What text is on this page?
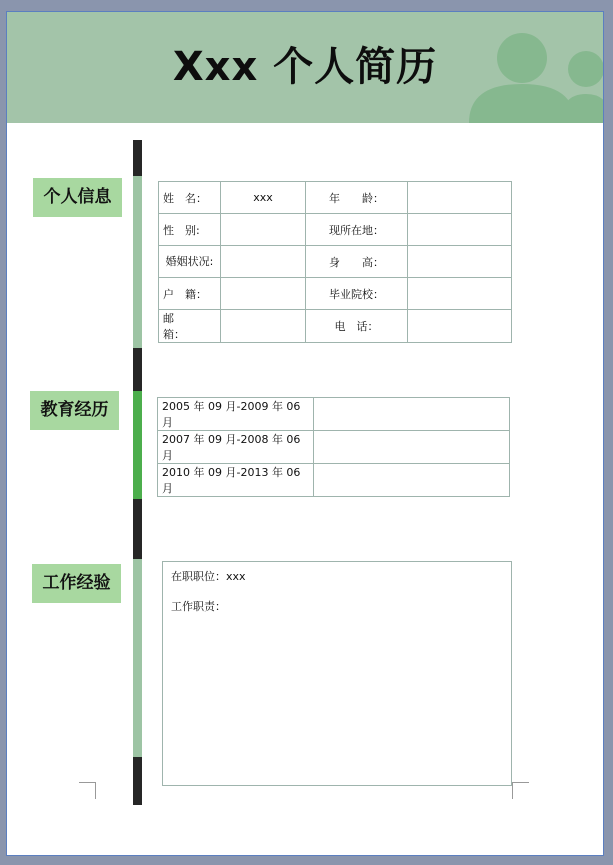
Xxx 个人简历
个人信息
教育经历
工作经验
姓　名：	xxx	年　　龄：	
性　别:		现所在地：	
婚姻状况:		身　　高：	
户　籍：		毕业院校：	
邮　　箱：		电　话：	
2005 年 09 月-2009 年 06 月	
2007 年 09 月-2008 年 06 月	
2010 年 09 月-2013 年 06 月	
在职职位：xxx
工作职责：
